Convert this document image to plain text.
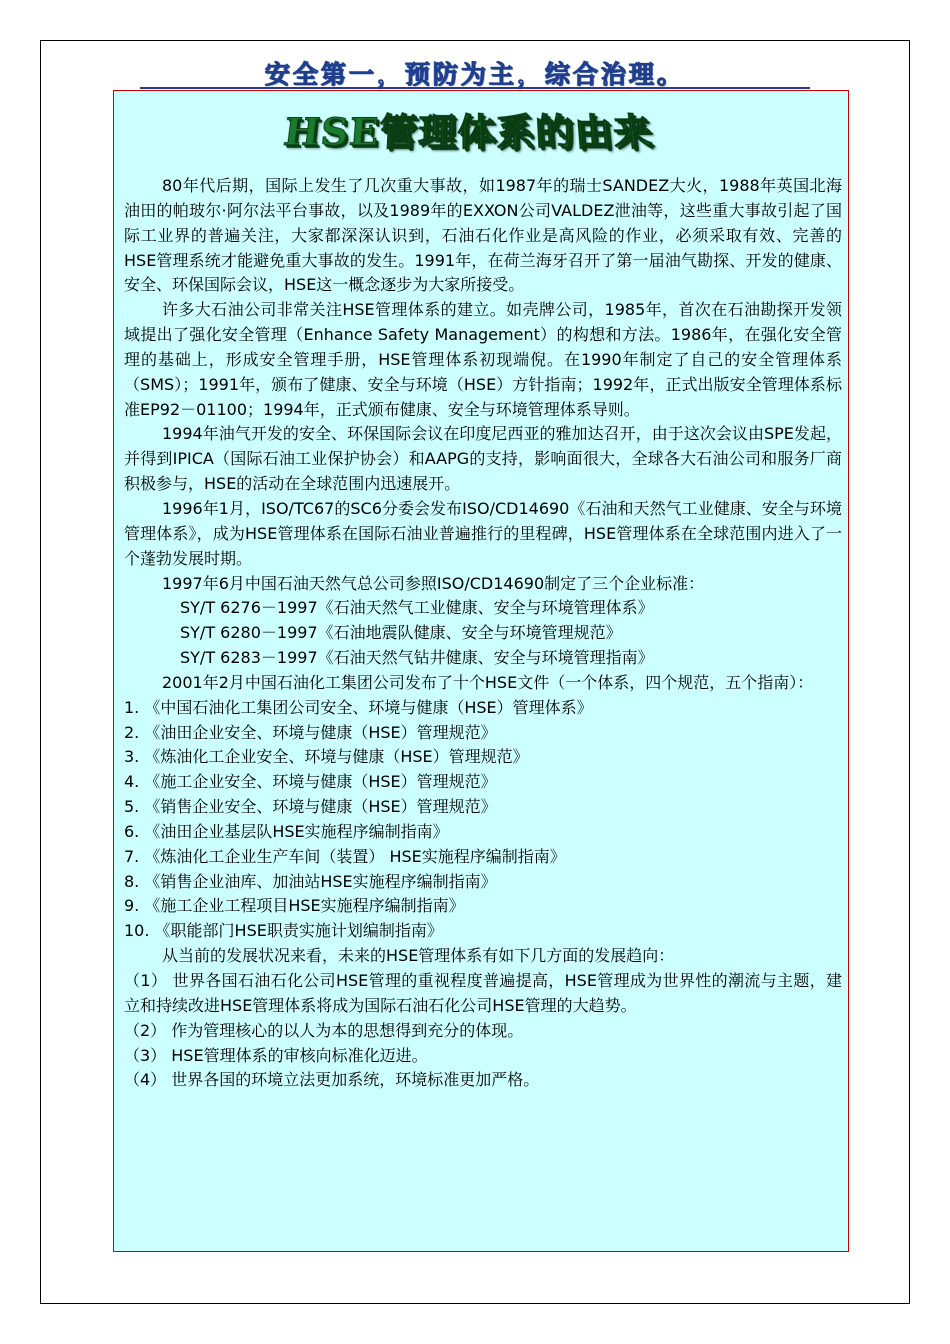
安全第一，预防为主，综合治理。
HSE管理体系的由来

80年代后期，国际上发生了几次重大事故，如1987年的瑞士SANDEZ大火，1988年英国北海油田的帕玻尔·阿尔法平台事故，以及1989年的EXXON公司VALDEZ泄油等，这些重大事故引起了国际工业界的普遍关注，大家都深深认识到，石油石化作业是高风险的作业，必须采取有效、完善的HSE管理系统才能避免重大事故的发生。1991年，在荷兰海牙召开了第一届油气勘探、开发的健康、安全、环保国际会议，HSE这一概念逐步为大家所接受。

许多大石油公司非常关注HSE管理体系的建立。如壳牌公司，1985年，首次在石油勘探开发领域提出了强化安全管理（Enhance Safety Management）的构想和方法。1986年，在强化安全管理的基础上，形成安全管理手册，HSE管理体系初现端倪。在1990年制定了自己的安全管理体系（SMS）；1991年，颁布了健康、安全与环境（HSE）方针指南；1992年，正式出版安全管理体系标准EP92－01100；1994年，正式颁布健康、安全与环境管理体系导则。

1994年油气开发的安全、环保国际会议在印度尼西亚的雅加达召开，由于这次会议由SPE发起，并得到IPICA（国际石油工业保护协会）和AAPG的支持，影响面很大，全球各大石油公司和服务厂商积极参与，HSE的活动在全球范围内迅速展开。

1996年1月，ISO/TC67的SC6分委会发布ISO/CD14690《石油和天然气工业健康、安全与环境管理体系》，成为HSE管理体系在国际石油业普遍推行的里程碑，HSE管理体系在全球范围内进入了一个蓬勃发展时期。

1997年6月中国石油天然气总公司参照ISO/CD14690制定了三个企业标准：

SY/T 6276－1997《石油天然气工业健康、安全与环境管理体系》

SY/T 6280－1997《石油地震队健康、安全与环境管理规范》

SY/T 6283－1997《石油天然气钻井健康、安全与环境管理指南》

2001年2月中国石油化工集团公司发布了十个HSE文件（一个体系，四个规范，五个指南）：

1. 《中国石油化工集团公司安全、环境与健康（HSE）管理体系》

2. 《油田企业安全、环境与健康（HSE）管理规范》

3. 《炼油化工企业安全、环境与健康（HSE）管理规范》

4. 《施工企业安全、环境与健康（HSE）管理规范》

5. 《销售企业安全、环境与健康（HSE）管理规范》

6. 《油田企业基层队HSE实施程序编制指南》

7. 《炼油化工企业生产车间（装置） HSE实施程序编制指南》

8. 《销售企业油库、加油站HSE实施程序编制指南》

9. 《施工企业工程项目HSE实施程序编制指南》

10. 《职能部门HSE职责实施计划编制指南》

从当前的发展状况来看，未来的HSE管理体系有如下几方面的发展趋向：

（1） 世界各国石油石化公司HSE管理的重视程度普遍提高，HSE管理成为世界性的潮流与主题，建立和持续改进HSE管理体系将成为国际石油石化公司HSE管理的大趋势。

（2） 作为管理核心的以人为本的思想得到充分的体现。

（3） HSE管理体系的审核向标准化迈进。

（4） 世界各国的环境立法更加系统，环境标准更加严格。
